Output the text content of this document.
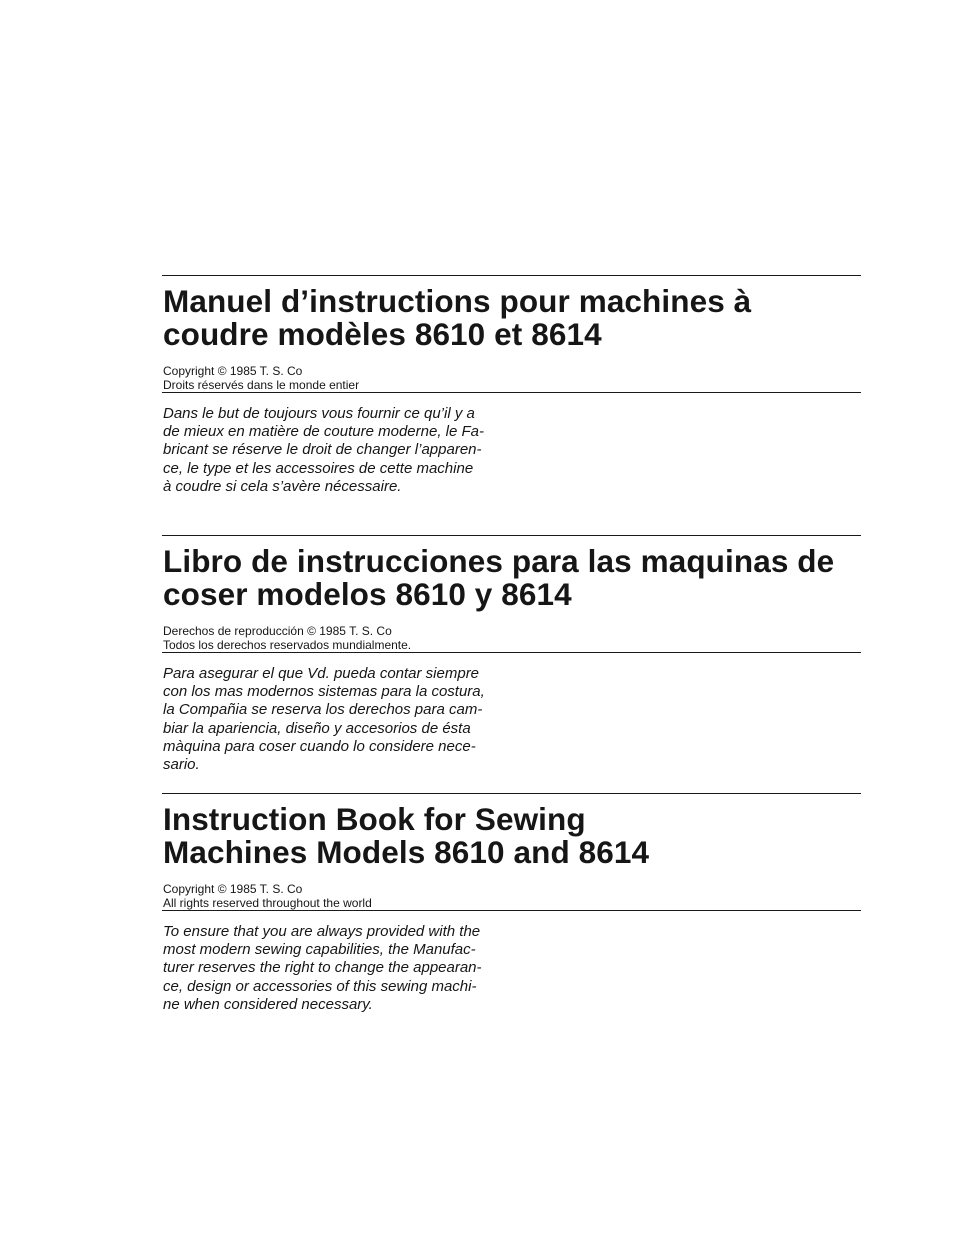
Manuel d’instructions pour machines à
coudre modèles 8610 et 8614
Copyright © 1985 T. S. Co
Droits réservés dans le monde entier
Dans le but de toujours vous fournir ce qu’il y a
de mieux en matière de couture moderne, le Fa-
bricant se réserve le droit de changer l’apparen-
ce, le type et les accessoires de cette machine
à coudre si cela s’avère nécessaire.
Libro de instrucciones para las maquinas de
coser modelos 8610 y 8614
Derechos de reproducción © 1985 T. S. Co
Todos los derechos reservados mundialmente.
Para asegurar el que Vd. pueda contar siempre
con los mas modernos sistemas para la costura,
la Compañia se reserva los derechos para cam-
biar la apariencia, diseño y accesorios de ésta
màquina para coser cuando lo considere nece-
sario.
Instruction Book for Sewing
Machines Models 8610 and 8614
Copyright © 1985 T. S. Co
All rights reserved throughout the world
To ensure that you are always provided with the
most modern sewing capabilities, the Manufac-
turer reserves the right to change the appearan-
ce, design or accessories of this sewing machi-
ne when considered necessary.
